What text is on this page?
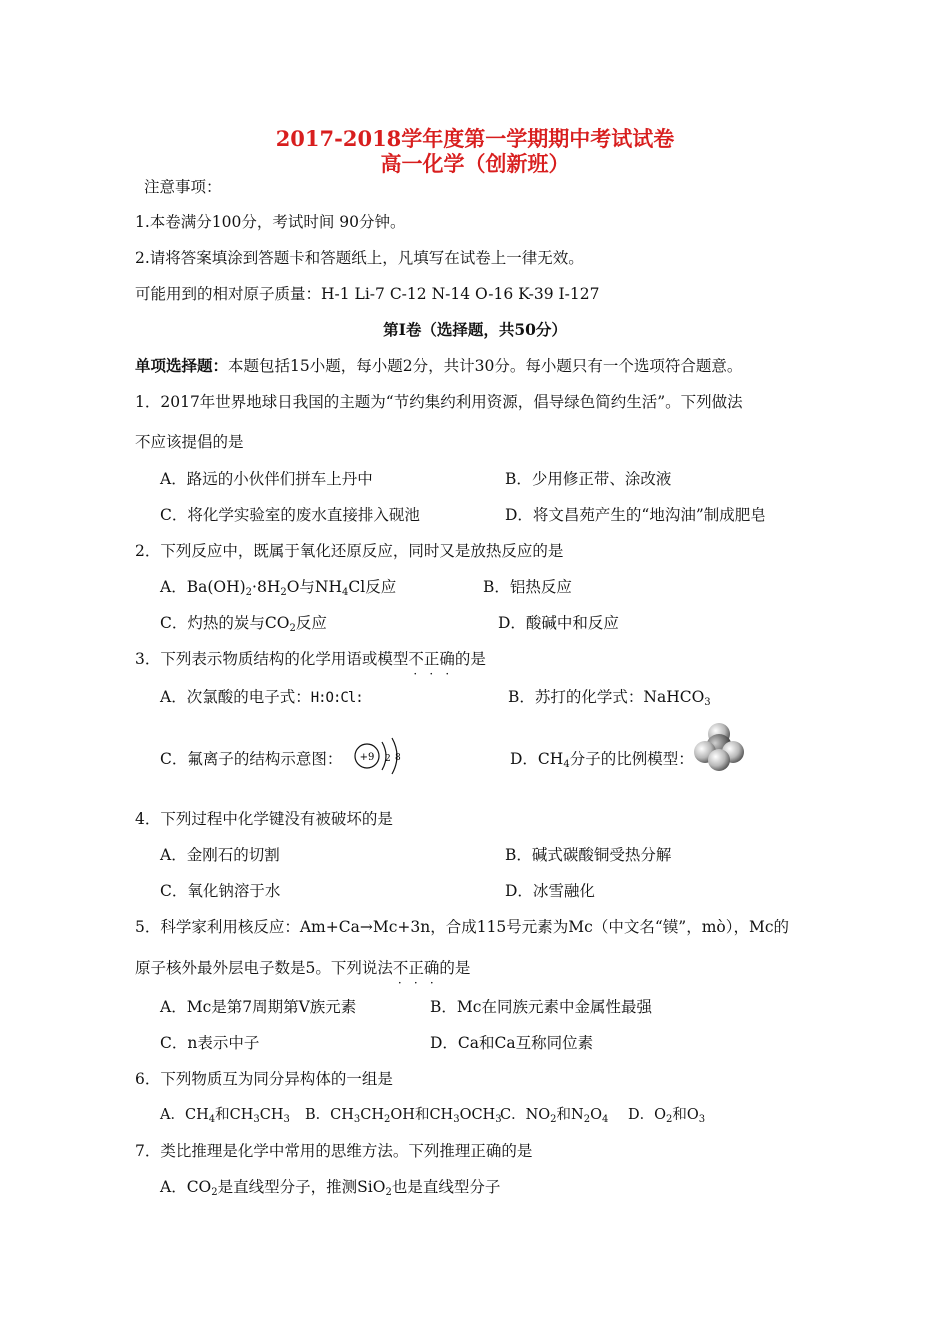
2017-2018学年度第一学期期中考试试卷
高一化学（创新班）
注意事项：
1.本卷满分100分，考试时间 90分钟。
2.请将答案填涂到答题卡和答题纸上，凡填写在试卷上一律无效。
可能用到的相对原子质量：H-1 Li-7 C-12 N-14 O-16 K-39 I-127
第Ⅰ卷（选择题，共50分）
单项选择题：本题包括15小题，每小题2分，共计30分。每小题只有一个选项符合题意。
1．2017年世界地球日我国的主题为“节约集约利用资源，倡导绿色简约生活”。下列做法
不应该提倡的是
A．路远的小伙伴们拼车上丹中	B．少用修正带、涂改液
C．将化学实验室的废水直接排入砚池	D．将文昌苑产生的“地沟油”制成肥皂
2．下列反应中，既属于氧化还原反应，同时又是放热反应的是
A．$Ba(OH)_2\cdot 8H_2O$与$NH_4Cl$反应	B．铝热反应
C．灼热的炭与$CO_2$反应	D．酸碱中和反应
3．下列表示物质结构的化学用语或模型不正确
· · ·
的是
A．次氯酸的电子式：H:O:Cl:	B．苏打的化学式：NaHCO$_3$
C．氟离子的结构示意图： +9 2 8	D．$CH_4$分子的比例模型：
4．下列过程中化学键没有被破坏的是
A．金刚石的切割	B．碱式碳酸铜受热分解
C．氧化钠溶于水	D．冰雪融化
5．科学家利用核反应：Am+Ca→Mc+3n，合成115号元素为Mc（中文名“镆”，mò），Mc的
原子核外最外层电子数是5。下列说法不正确
· · ·
的是
A．Mc是第7周期第Ⅴ族元素	B．Mc在同族元素中金属性最强
C．n表示中子	D．Ca和Ca互称同位素
6．下列物质互为同分异构体的一组是
A．$CH_4$和$CH_3CH_3$ B．$CH_3CH_2OH$和$CH_3OCH_3$
C．$NO_2$和$N_2O_4$ D．$O_2$和$O_3$
7．类比推理是化学中常用的思维方法。下列推理正确的是
A．$CO_2$是直线型分子，推测SiO$_2$也是直线型分子
